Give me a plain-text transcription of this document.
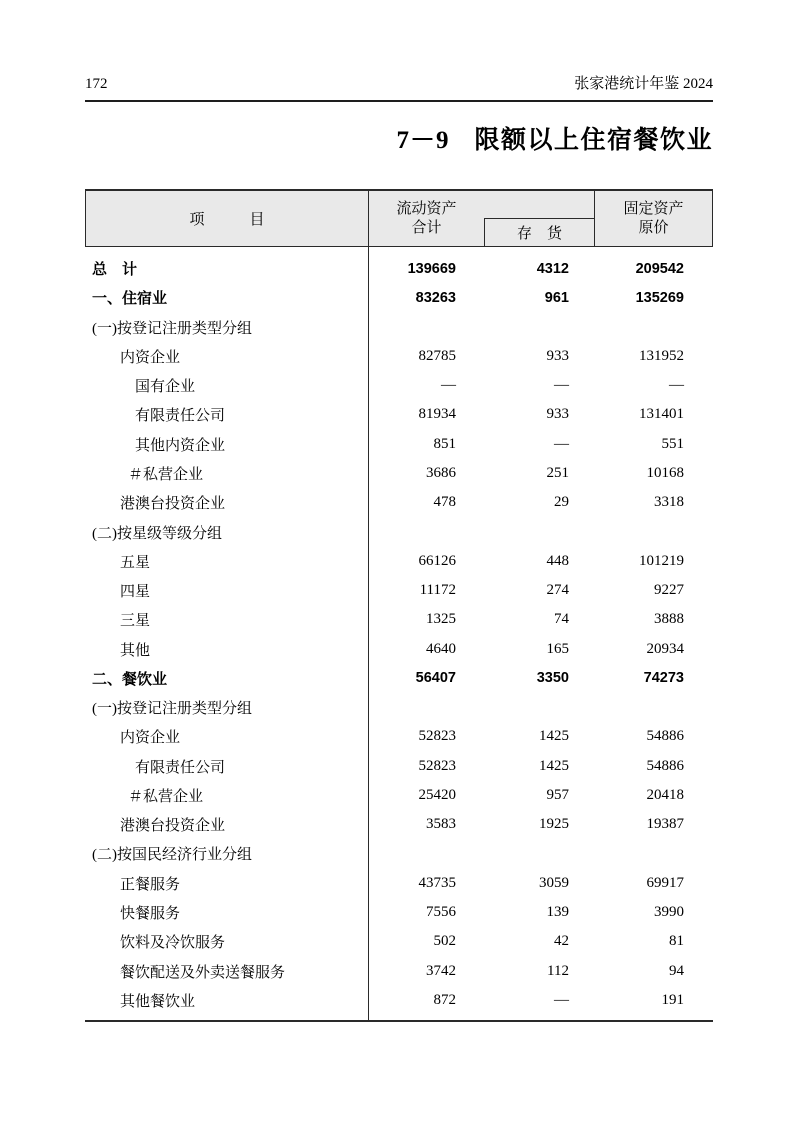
172	张家港统计年鉴 2024
7－9 限额以上住宿餐饮业
项　　　目
流动资产
合计	存　货
固定资产
原价
总　计	139669	4312	209542
一、住宿业	83263	961	135269
(一)按登记注册类型分组
内资企业	82785	933	131952
国有企业	—	—	—
有限责任公司	81934	933	131401
其他内资企业	851	—	551
＃私营企业	3686	251	10168
港澳台投资企业	478	29	3318
(二)按星级等级分组
五星	66126	448	101219
四星	11172	274	9227
三星	1325	74	3888
其他	4640	165	20934
二、餐饮业	56407	3350	74273
(一)按登记注册类型分组
内资企业	52823	1425	54886
有限责任公司	52823	1425	54886
＃私营企业	25420	957	20418
港澳台投资企业	3583	1925	19387
(二)按国民经济行业分组
正餐服务	43735	3059	69917
快餐服务	7556	139	3990
饮料及冷饮服务	502	42	81
餐饮配送及外卖送餐服务	3742	112	94
其他餐饮业	872	—	191
